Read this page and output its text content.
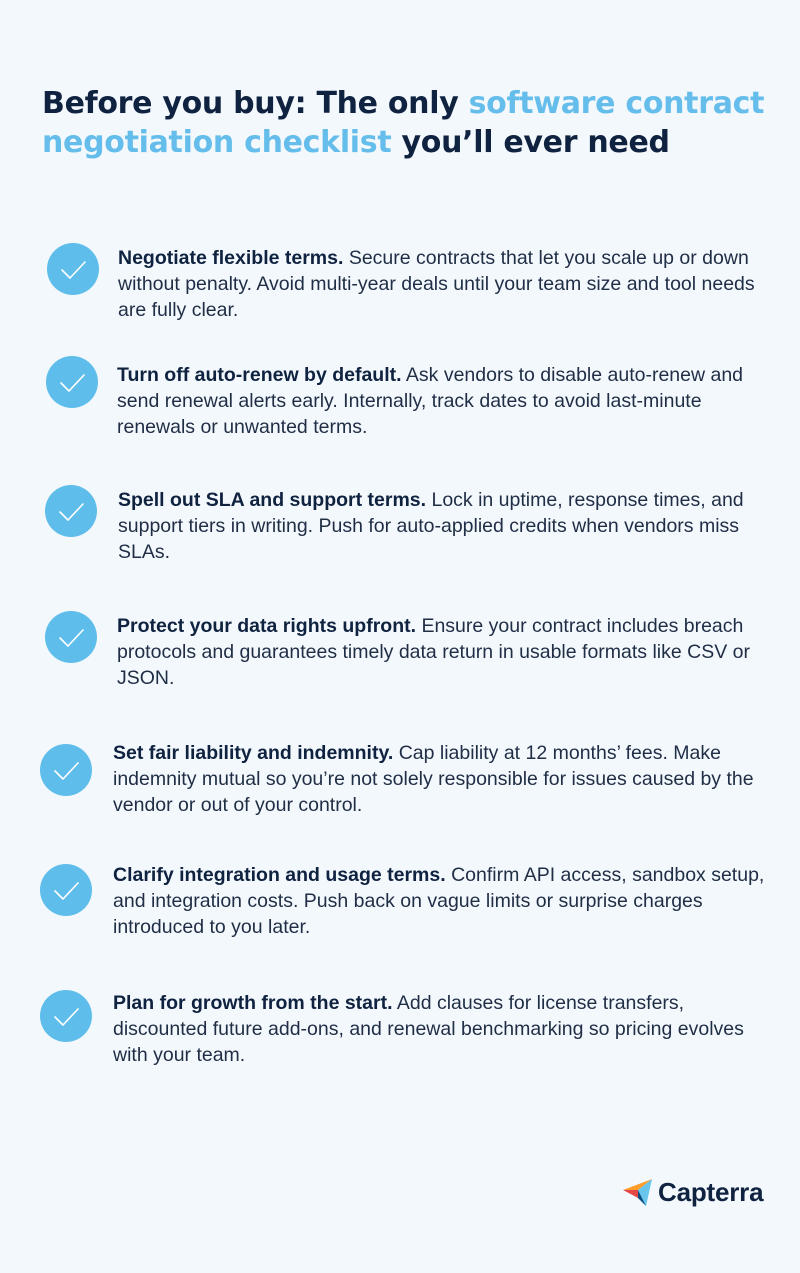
Before you buy: The only software contract negotiation checklist you’ll ever need

Negotiate flexible terms. Secure contracts that let you scale up or down without penalty. Avoid multi-year deals until your team size and tool needs are fully clear.

Turn off auto-renew by default. Ask vendors to disable auto-renew and send renewal alerts early. Internally, track dates to avoid last-minute renewals or unwanted terms.

Spell out SLA and support terms. Lock in uptime, response times, and support tiers in writing. Push for auto-applied credits when vendors miss SLAs.

Protect your data rights upfront. Ensure your contract includes breach protocols and guarantees timely data return in usable formats like CSV or JSON.

Set fair liability and indemnity. Cap liability at 12 months’ fees. Make indemnity mutual so you’re not solely responsible for issues caused by the vendor or out of your control.

Clarify integration and usage terms. Confirm API access, sandbox setup, and integration costs. Push back on vague limits or surprise charges introduced to you later.

Plan for growth from the start. Add clauses for license transfers, discounted future add-ons, and renewal benchmarking so pricing evolves with your team.

Capterra
